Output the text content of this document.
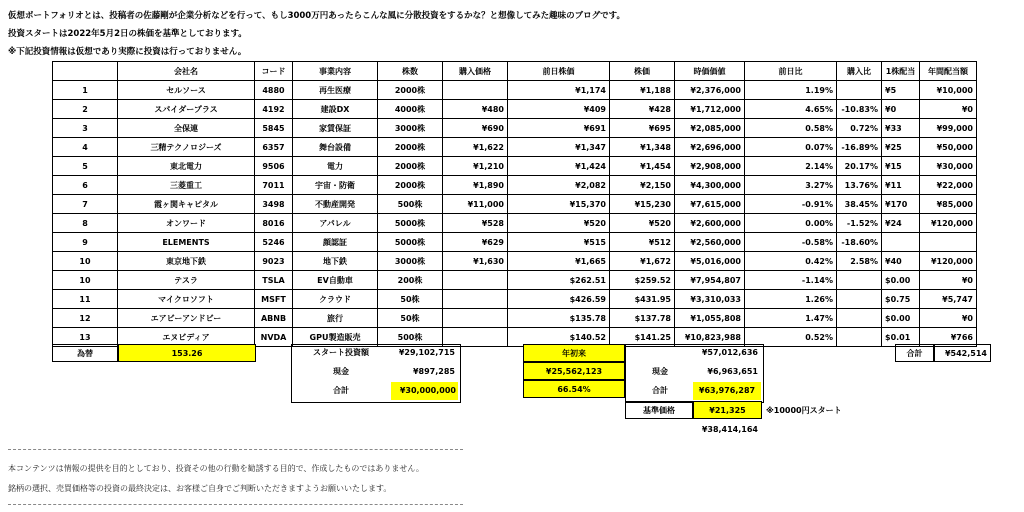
仮想ポートフォリオとは、投稿者の佐藤剛が企業分析などを行って、もし3000万円あったらこんな風に分散投資をするかな？と想像してみた趣味のブログです。
投資スタートは2022年5月2日の株価を基準としております。
※下記投資情報は仮想であり実際に投資は行っておりません。
	会社名	コード	事業内容	株数	購入価格	前日株価	株価	時価価値	前日比	購入比	1株配当	年間配当額
1	セルソース	4880	再生医療	2000株		¥1,174	¥1,188	¥2,376,000	1.19%		¥5	¥10,000
2	スパイダープラス	4192	建設DX	4000株	¥480	¥409	¥428	¥1,712,000	4.65%	-10.83%	¥0	¥0
3	全保連	5845	家賃保証	3000株	¥690	¥691	¥695	¥2,085,000	0.58%	0.72%	¥33	¥99,000
4	三精テクノロジーズ	6357	舞台設備	2000株	¥1,622	¥1,347	¥1,348	¥2,696,000	0.07%	-16.89%	¥25	¥50,000
5	東北電力	9506	電力	2000株	¥1,210	¥1,424	¥1,454	¥2,908,000	2.14%	20.17%	¥15	¥30,000
6	三菱重工	7011	宇宙・防衛	2000株	¥1,890	¥2,082	¥2,150	¥4,300,000	3.27%	13.76%	¥11	¥22,000
7	霞ヶ関キャピタル	3498	不動産開発	500株	¥11,000	¥15,370	¥15,230	¥7,615,000	-0.91%	38.45%	¥170	¥85,000
8	オンワード	8016	アパレル	5000株	¥528	¥520	¥520	¥2,600,000	0.00%	-1.52%	¥24	¥120,000
9	ELEMENTS	5246	顔認証	5000株	¥629	¥515	¥512	¥2,560,000	-0.58%	-18.60%		
10	東京地下鉄	9023	地下鉄	3000株	¥1,630	¥1,665	¥1,672	¥5,016,000	0.42%	2.58%	¥40	¥120,000
10	テスラ	TSLA	EV自動車	200株		$262.51	$259.52	¥7,954,807	-1.14%		$0.00	¥0
11	マイクロソフト	MSFT	クラウド	50株		$426.59	$431.95	¥3,310,033	1.26%		$0.75	¥5,747
12	エアビーアンドビー	ABNB	旅行	50株		$135.78	$137.78	¥1,055,808	1.47%		$0.00	¥0
13	エヌビディア	NVDA	GPU製造販売	500株		$140.52	$141.25	¥10,823,988	0.52%		$0.01	¥766
為替	153.26	スタート投資額	¥29,102,715
現金	¥897,285
合計	¥30,000,000
年初来
¥25,562,123
66.54%
¥57,012,636
現金	¥6,963,651
合計	¥63,976,287
基準価格	¥21,325	※10000円スタート
¥38,414,164
合計	¥542,514
本コンテンツは情報の提供を目的としており、投資その他の行動を勧誘する目的で、作成したものではありません。
銘柄の選択、売買価格等の投資の最終決定は、お客様ご自身でご判断いただきますようお願いいたします。
